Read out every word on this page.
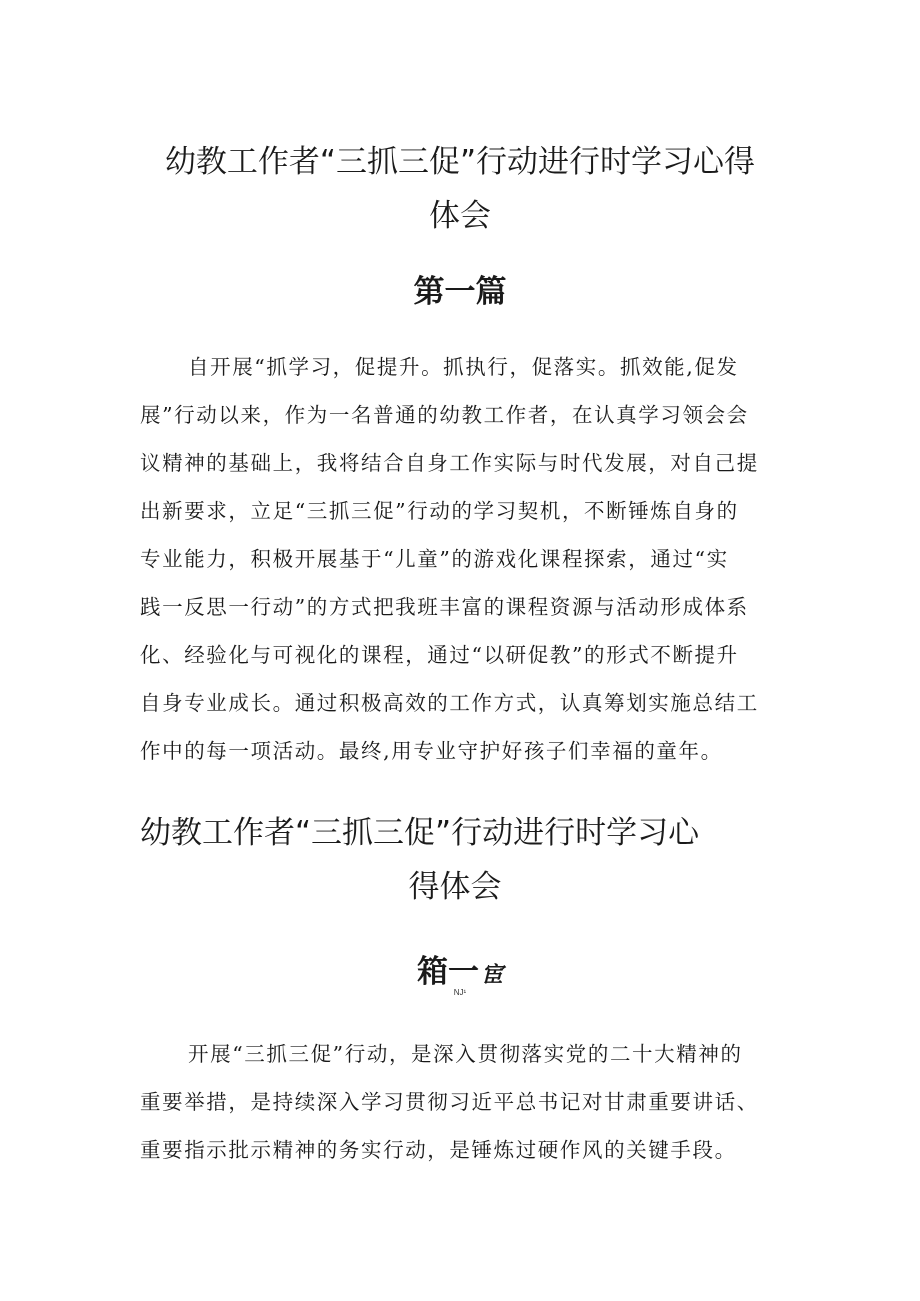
幼教工作者“三抓三促”行动进行时学习心得
体会
第一篇
自开展“抓学习，促提升。抓执行，促落实。抓效能,促发
展”行动以来，作为一名普通的幼教工作者，在认真学习领会会
议精神的基础上，我将结合自身工作实际与时代发展，对自己提
出新要求，立足“三抓三促”行动的学习契机，不断锤炼自身的
专业能力，积极开展基于“儿童”的游戏化课程探索，通过“实
践一反思一行动”的方式把我班丰富的课程资源与活动形成体系
化、经验化与可视化的课程，通过“以研促教”的形式不断提升
自身专业成长。通过积极高效的工作方式，认真筹划实施总结工
作中的每一项活动。最终,用专业守护好孩子们幸福的童年。
幼教工作者“三抓三促”行动进行时学习心
得体会
箱一宦
NJ¹
开展“三抓三促”行动，是深入贯彻落实党的二十大精神的
重要举措，是持续深入学习贯彻习近平总书记对甘肃重要讲话、
重要指示批示精神的务实行动，是锤炼过硬作风的关键手段。
